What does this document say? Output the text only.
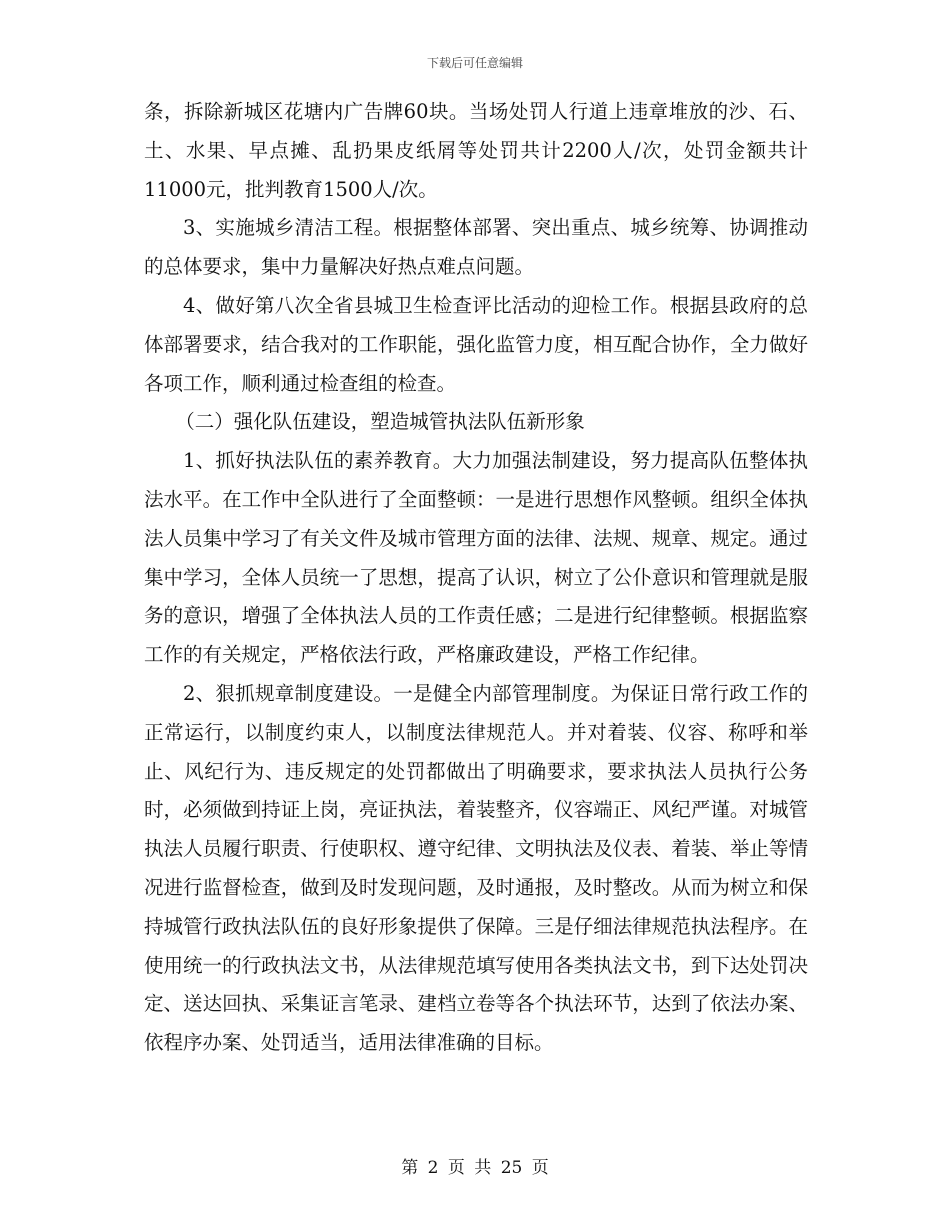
下载后可任意编辑

条，拆除新城区花塘内广告牌60块。当场处罚人行道上违章堆放的沙、石、土、水果、早点摊、乱扔果皮纸屑等处罚共计2200人/次，处罚金额共计11000元，批判教育1500人/次。

3、实施城乡清洁工程。根据整体部署、突出重点、城乡统筹、协调推动的总体要求，集中力量解决好热点难点问题。

4、做好第八次全省县城卫生检查评比活动的迎检工作。根据县政府的总体部署要求，结合我对的工作职能，强化监管力度，相互配合协作，全力做好各项工作，顺利通过检查组的检查。

（二）强化队伍建设，塑造城管执法队伍新形象

1、抓好执法队伍的素养教育。大力加强法制建设，努力提高队伍整体执法水平。在工作中全队进行了全面整顿：一是进行思想作风整顿。组织全体执法人员集中学习了有关文件及城市管理方面的法律、法规、规章、规定。通过集中学习，全体人员统一了思想，提高了认识，树立了公仆意识和管理就是服务的意识，增强了全体执法人员的工作责任感；二是进行纪律整顿。根据监察工作的有关规定，严格依法行政，严格廉政建设，严格工作纪律。

2、狠抓规章制度建设。一是健全内部管理制度。为保证日常行政工作的正常运行，以制度约束人，以制度法律规范人。并对着装、仪容、称呼和举止、风纪行为、违反规定的处罚都做出了明确要求，要求执法人员执行公务时，必须做到持证上岗，亮证执法，着装整齐，仪容端正、风纪严谨。对城管执法人员履行职责、行使职权、遵守纪律、文明执法及仪表、着装、举止等情况进行监督检查，做到及时发现问题，及时通报，及时整改。从而为树立和保持城管行政执法队伍的良好形象提供了保障。三是仔细法律规范执法程序。在使用统一的行政执法文书，从法律规范填写使用各类执法文书，到下达处罚决定、送达回执、采集证言笔录、建档立卷等各个执法环节，达到了依法办案、依程序办案、处罚适当，适用法律准确的目标。

第 2 页 共 25 页
